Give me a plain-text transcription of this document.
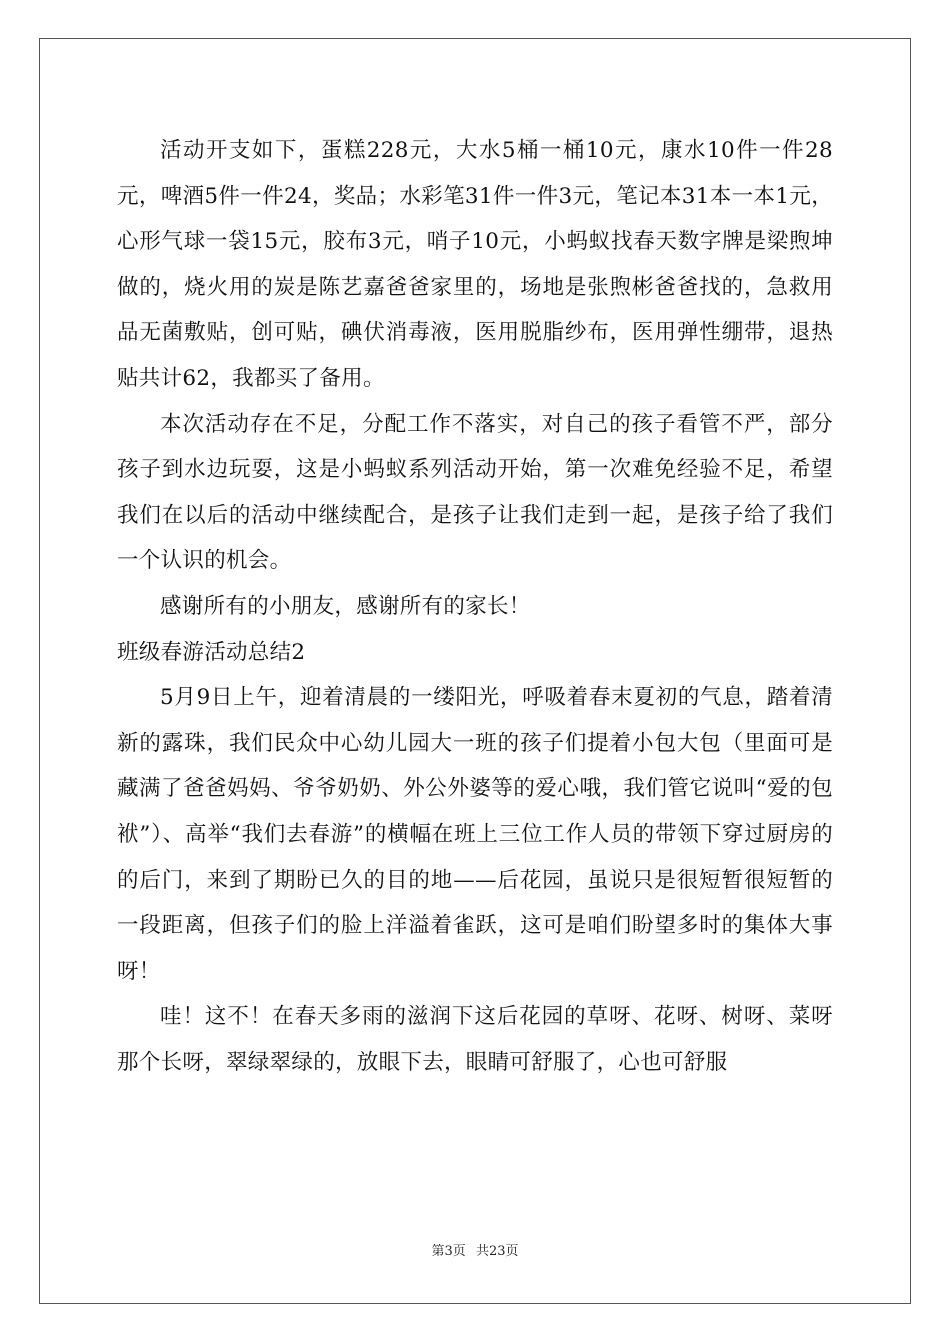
活动开支如下，蛋糕228元，大水5桶一桶10元，康水10件一件28元，啤酒5件一件24，奖品；水彩笔31件一件3元，笔记本31本一本1元，心形气球一袋15元，胶布3元，哨子10元，小蚂蚁找春天数字牌是梁煦坤做的，烧火用的炭是陈艺嘉爸爸家里的，场地是张煦彬爸爸找的，急救用品无菌敷贴，创可贴，碘伏消毒液，医用脱脂纱布，医用弹性绷带，退热贴共计62，我都买了备用。

本次活动存在不足，分配工作不落实，对自己的孩子看管不严，部分孩子到水边玩耍，这是小蚂蚁系列活动开始，第一次难免经验不足，希望我们在以后的活动中继续配合，是孩子让我们走到一起，是孩子给了我们一个认识的机会。

感谢所有的小朋友，感谢所有的家长！

班级春游活动总结2

5月9日上午，迎着清晨的一缕阳光，呼吸着春末夏初的气息，踏着清新的露珠，我们民众中心幼儿园大一班的孩子们提着小包大包（里面可是藏满了爸爸妈妈、爷爷奶奶、外公外婆等的爱心哦，我们管它说叫“爱的包袱”）、高举“我们去春游”的横幅在班上三位工作人员的带领下穿过厨房的的后门，来到了期盼已久的目的地——后花园，虽说只是很短暂很短暂的一段距离，但孩子们的脸上洋溢着雀跃，这可是咱们盼望多时的集体大事呀！

哇！这不！在春天多雨的滋润下这后花园的草呀、花呀、树呀、菜呀那个长呀，翠绿翠绿的，放眼下去，眼睛可舒服了，心也可舒服

第3页 共23页
